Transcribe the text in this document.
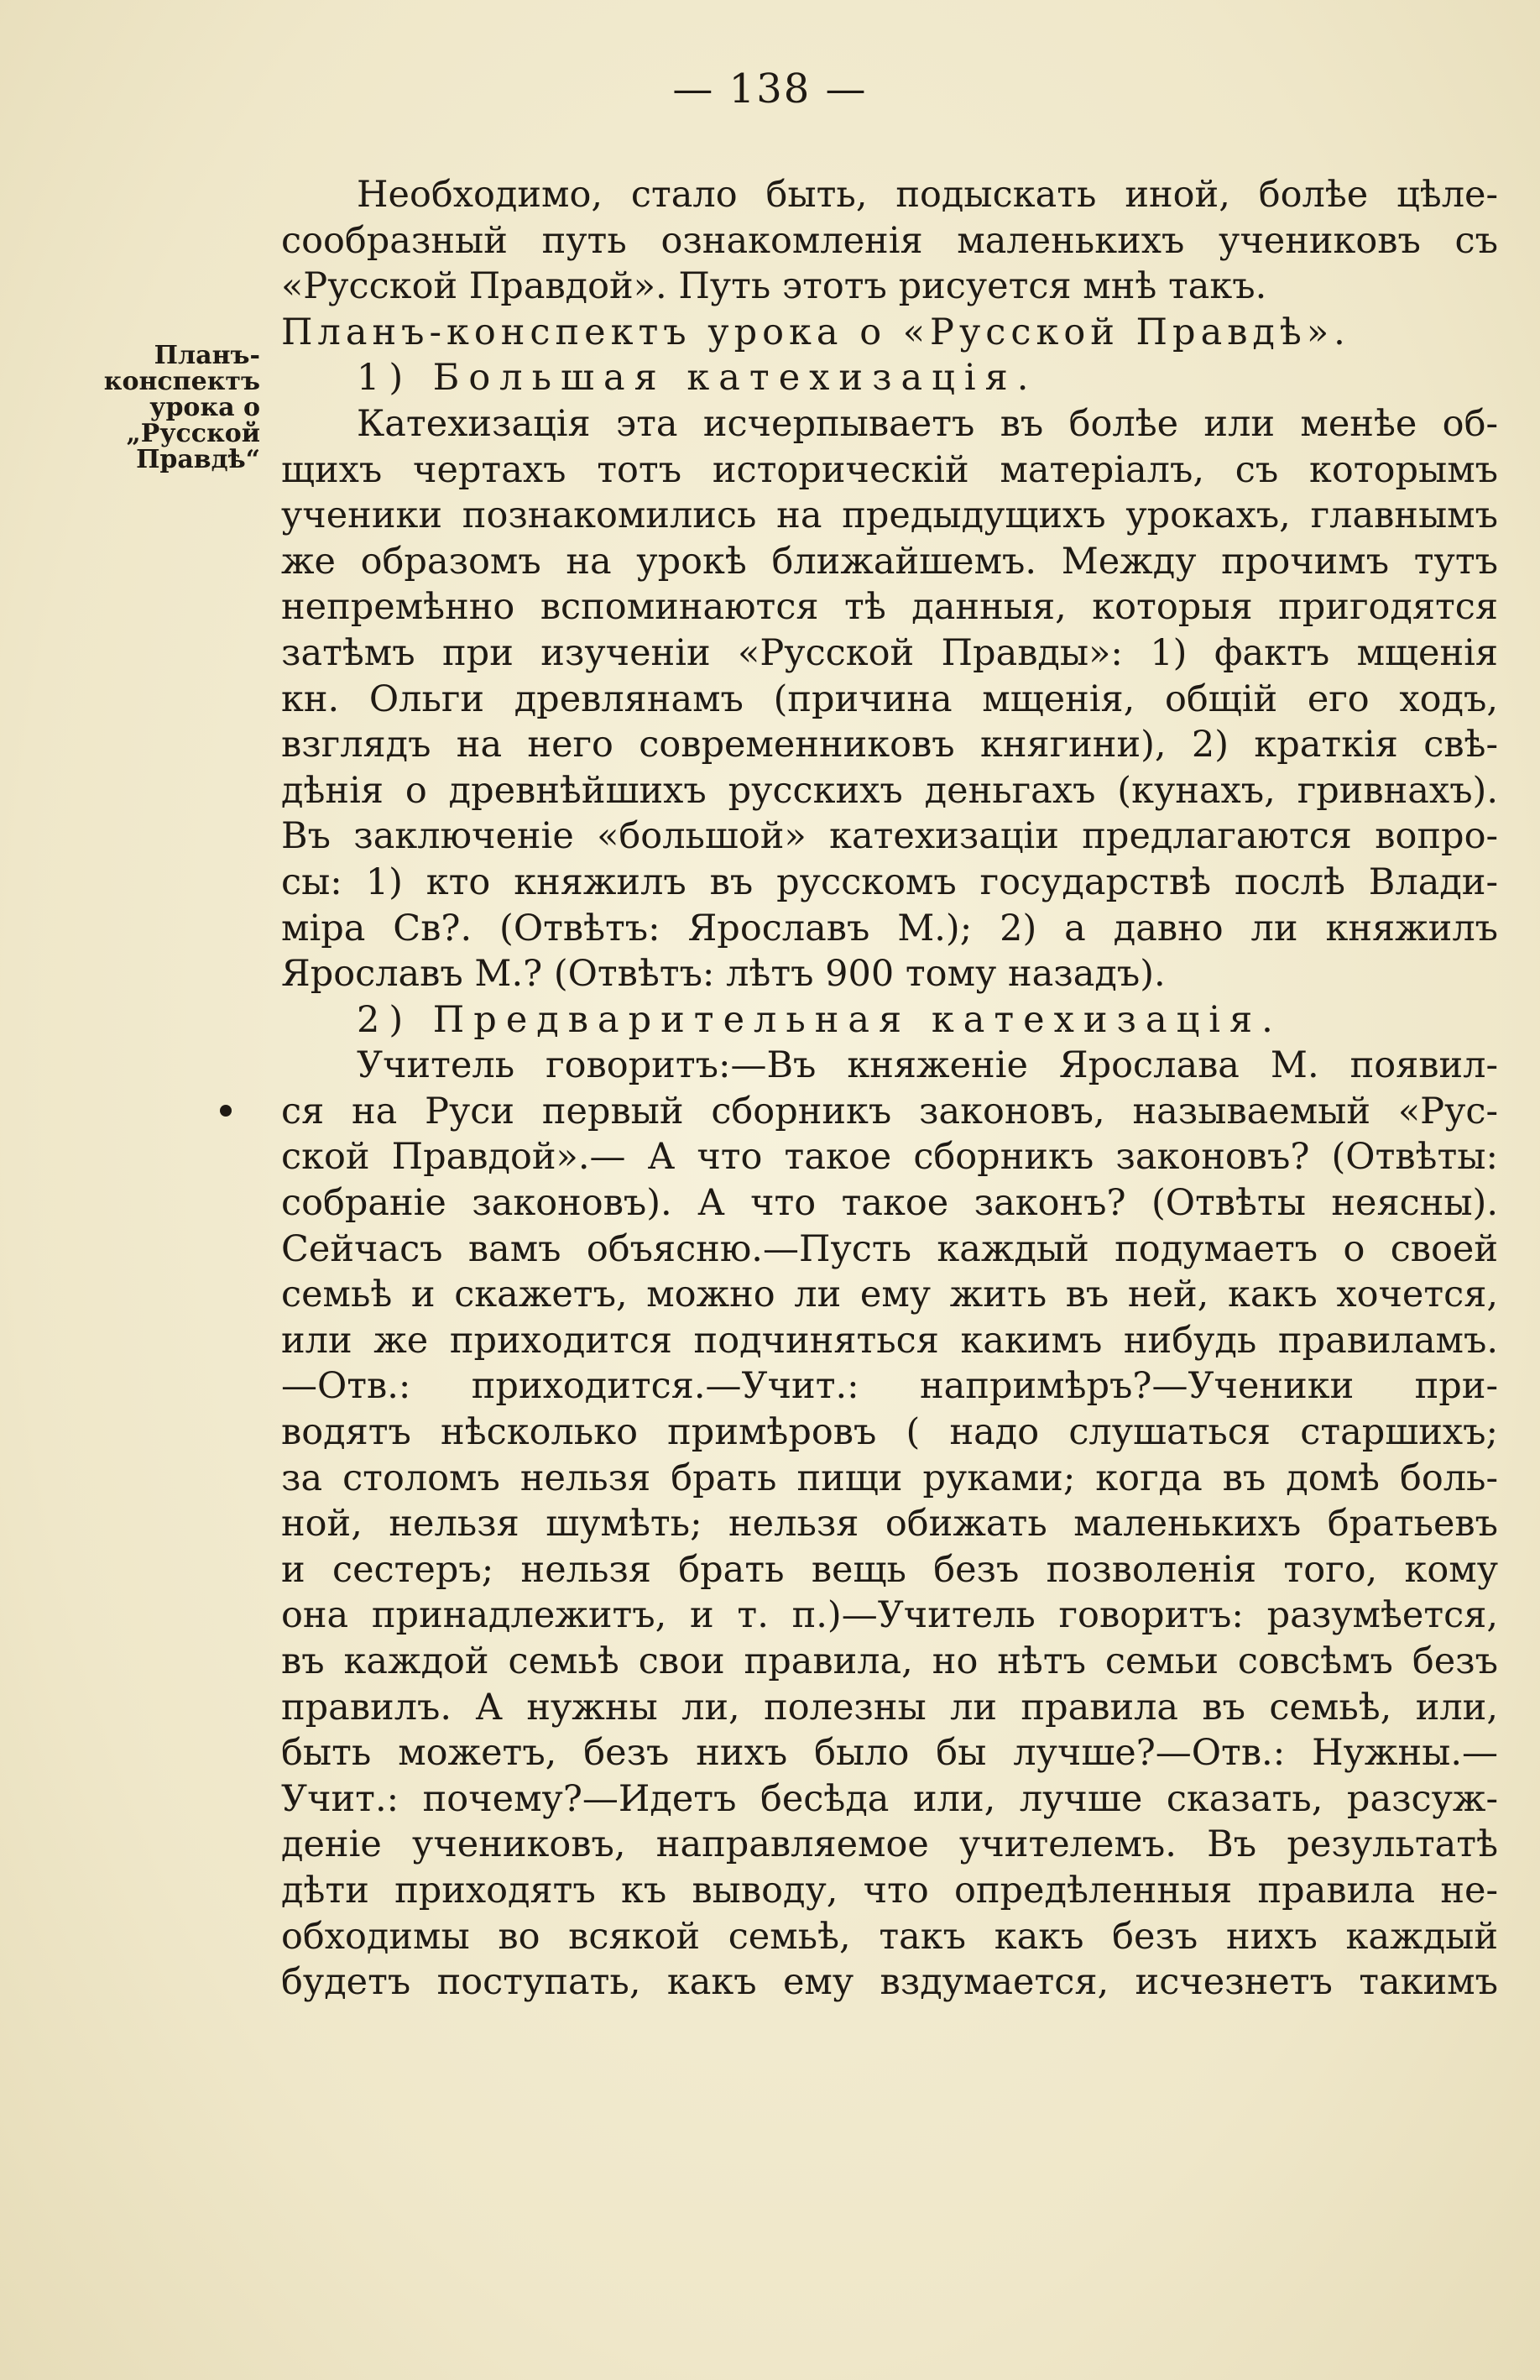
— 138 —
Планъ-
конспектъ
урока о
„Русской
Правдѣ“
Необходимо, стало быть, подыскать иной, болѣе цѣле-
сообразный путь ознакомленія маленькихъ учениковъ съ
«Русской Правдой». Путь этотъ рисуется мнѣ такъ.
Планъ-конспектъ урока о «Русской Правдѣ».
1) Большая катехизація.
Катехизація эта исчерпываетъ въ болѣе или менѣе об-
щихъ чертахъ тотъ историческій матеріалъ, съ которымъ
ученики познакомились на предыдущихъ урокахъ, главнымъ
же образомъ на урокѣ ближайшемъ. Между прочимъ тутъ
непремѣнно вспоминаются тѣ данныя, которыя пригодятся
затѣмъ при изученіи «Русской Правды»: 1) фактъ мщенія
кн. Ольги древлянамъ (причина мщенія, общій его ходъ,
взглядъ на него современниковъ княгини), 2) краткія свѣ-
дѣнія о древнѣйшихъ русскихъ деньгахъ (кунахъ, гривнахъ).
Въ заключеніе «большой» катехизаціи предлагаются вопро-
сы: 1) кто княжилъ въ русскомъ государствѣ послѣ Влади-
міра Св?. (Отвѣтъ: Ярославъ М.); 2) а давно ли княжилъ
Ярославъ М.? (Отвѣтъ: лѣтъ 900 тому назадъ).
2) Предварительная катехизація.
Учитель говоритъ:—Въ княженіе Ярослава М. появил-
ся на Руси первый сборникъ законовъ, называемый «Рус-
ской Правдой».— А что такое сборникъ законовъ? (Отвѣты:
собраніе законовъ). А что такое законъ? (Отвѣты неясны).
Сейчасъ вамъ объясню.—Пусть каждый подумаетъ о своей
семьѣ и скажетъ, можно ли ему жить въ ней, какъ хочется,
или же приходится подчиняться какимъ нибудь правиламъ.
—Отв.: приходится.—Учит.: напримѣръ?—Ученики при-
водятъ нѣсколько примѣровъ ( надо слушаться старшихъ;
за столомъ нельзя брать пищи руками; когда въ домѣ боль-
ной, нельзя шумѣть; нельзя обижать маленькихъ братьевъ
и сестеръ; нельзя брать вещь безъ позволенія того, кому
она принадлежитъ, и т. п.)—Учитель говоритъ: разумѣется,
въ каждой семьѣ свои правила, но нѣтъ семьи совсѣмъ безъ
правилъ. А нужны ли, полезны ли правила въ семьѣ, или,
быть можетъ, безъ нихъ было бы лучше?—Отв.: Нужны.—
Учит.: почему?—Идетъ бесѣда или, лучше сказать, разсуж-
деніе учениковъ, направляемое учителемъ. Въ результатѣ
дѣти приходятъ къ выводу, что опредѣленныя правила не-
обходимы во всякой семьѣ, такъ какъ безъ нихъ каждый
будетъ поступать, какъ ему вздумается, исчезнетъ такимъ
